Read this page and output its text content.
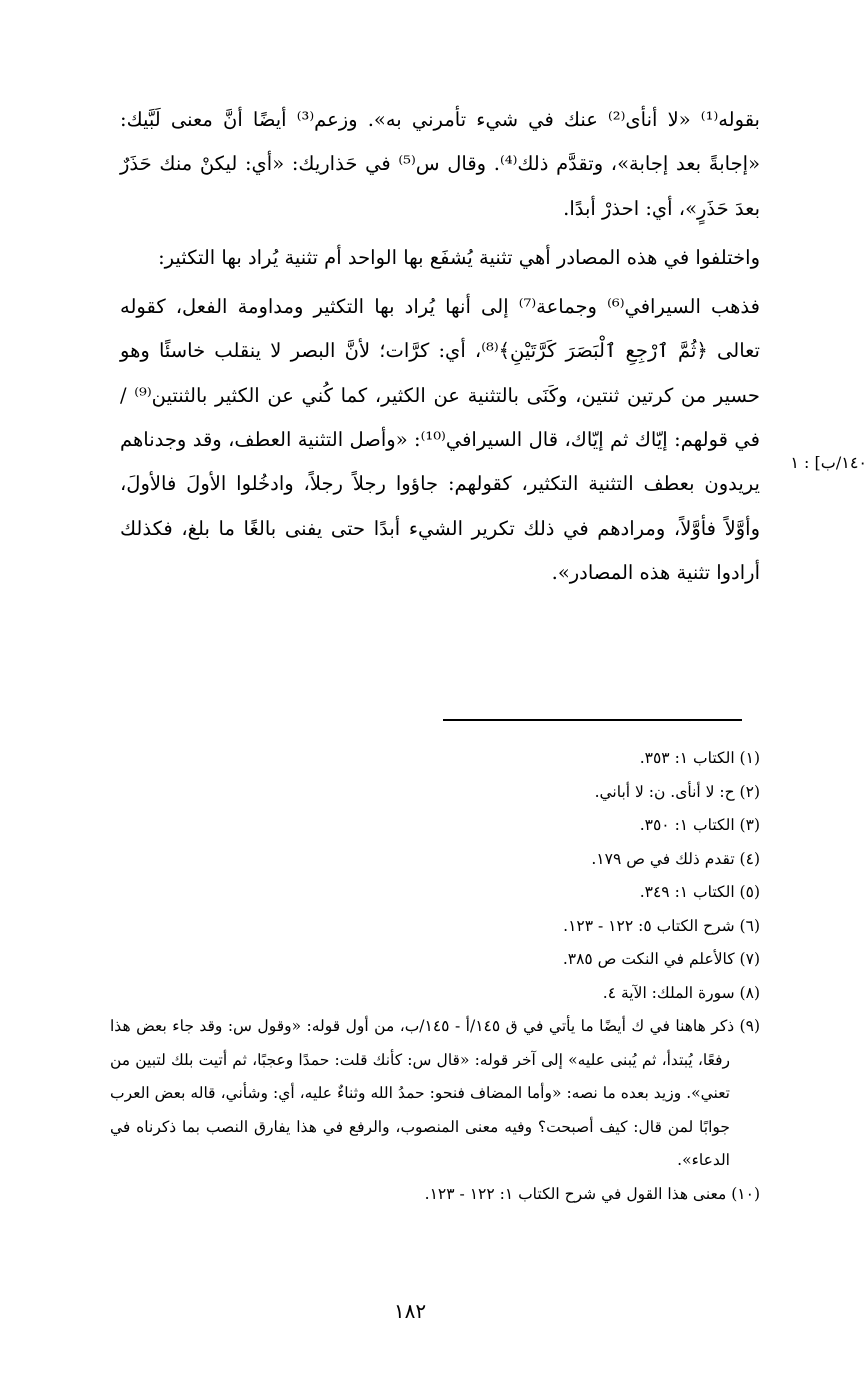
بقوله⁽¹⁾ «لا أنأى⁽²⁾ عنك في شيء تأمرني به». وزعم⁽³⁾ أيضًا أنَّ معنى لَبَّيك: «إجابةً بعد إجابة»، وتقدَّم ذلك⁽⁴⁾. وقال س⁽⁵⁾ في حَذاريك: «أي: ليكنْ منك حَذَرٌ بعدَ حَذَرٍ»، أي: احذرْ أبدًا.

واختلفوا في هذه المصادر أهي تثنية يُشفَع بها الواحد أم تثنية يُراد بها التكثير:

فذهب السيرافي⁽⁶⁾ وجماعة⁽⁷⁾ إلى أنها يُراد بها التكثير ومداومة الفعل، كقوله تعالى ﴿ثُمَّ ٱرْجِعِ ٱلْبَصَرَ كَرَّتَيْنِ﴾⁽⁸⁾، أي: كرَّات؛ لأنَّ البصر لا ينقلب خاسئًا وهو حسير من كرتين ثنتين، وكَنَى بالتثنية عن الكثير، كما كُني عن الكثير بالثنتين⁽⁹⁾ /في قولهم: إيّاك ثم إيّاك، قال السيرافي⁽¹⁰⁾: «وأصل التثنية العطف، وقد وجدناهم يريدون بعطف التثنية التكثير، كقولهم: جاؤوا رجلاً رجلاً، وادخُلوا الأولَ فالأولَ، وأوَّلاً فأوَّلاً، ومرادهم في ذلك تكرير الشيء أبدًا حتى يفنى بالغًا ما بلغ، فكذلك أرادوا تثنية هذه المصادر».

١٤٠/ب] : ١

(١) الكتاب ١: ٣٥٣.

(٢) ح: لا أنأى. ن: لا أباني.

(٣) الكتاب ١: ٣٥٠.

(٤) تقدم ذلك في ص ١٧٩.

(٥) الكتاب ١: ٣٤٩.

(٦) شرح الكتاب ٥: ١٢٢ - ١٢٣.

(٧) كالأعلم في النكت ص ٣٨٥.

(٨) سورة الملك: الآية ٤.

(٩) ذكر هاهنا في ك أيضًا ما يأتي في ق ١٤٥/أ - ١٤٥/ب، من أول قوله: «وقول س: وقد جاء بعض هذا رفعًا، يُبتدأ، ثم يُبنى عليه» إلى آخر قوله: «قال س: كأنك قلت: حمدًا وعجبًا، ثم أتيت بلك لتبين من تعني». وزيد بعده ما نصه: «وأما المضاف فنحو: حمدُ الله وثناءٌ عليه، أي: وشأني، قاله بعض العرب جوابًا لمن قال: كيف أصبحت؟ وفيه معنى المنصوب، والرفع في هذا يفارق النصب بما ذكرناه في الدعاء».

(١٠) معنى هذا القول في شرح الكتاب ١: ١٢٢ - ١٢٣.

١٨٢
